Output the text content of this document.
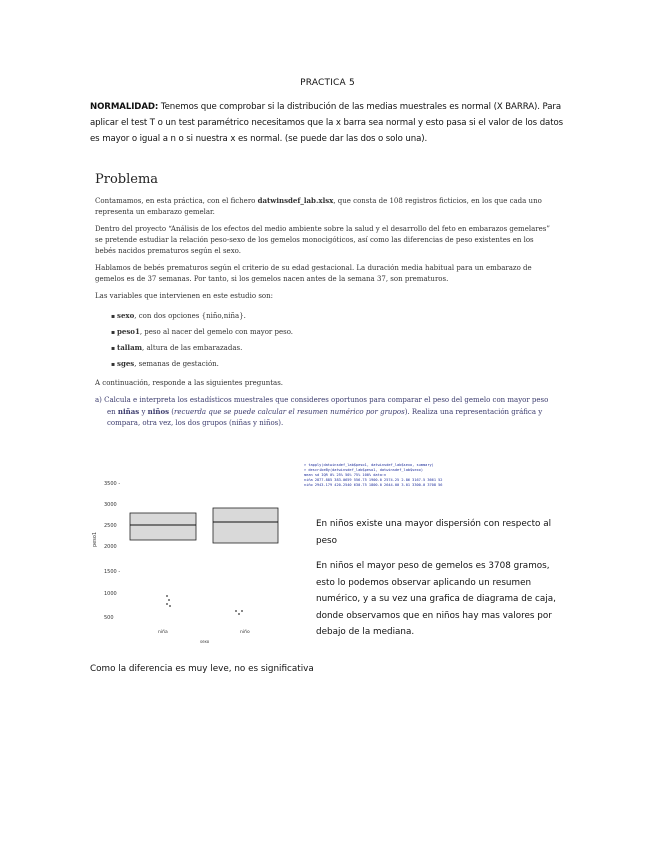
PRACTICA 5
NORMALIDAD: Tenemos que comprobar si la distribución de las medias muestrales es normal (X BARRA). Para aplicar el test T o un test paramétrico necesitamos que la x barra sea normal y esto pasa si el valor de los datos es mayor o igual a n o si nuestra x es normal. (se puede dar las dos o solo una).
Problema

Contamamos, en esta práctica, con el fichero datwinsdef_lab.xlsx, que consta de 108 registros ficticios, en los que cada uno representa un embarazo gemelar.

Dentro del proyecto “Análisis de los efectos del medio ambiente sobre la salud y el desarrollo del feto en embarazos gemelares” se pretende estudiar la relación peso-sexo de los gemelos monocigóticos, así como las diferencias de peso existentes en los bebés nacidos prematuros según el sexo.

Hablamos de bebés prematuros según el criterio de su edad gestacional. La duración media habitual para un embarazo de gemelos es de 37 semanas. Por tanto, si los gemelos nacen antes de la semana 37, son prematuros.

Las variables que intervienen en este estudio son:

• sexo, con dos opciones {niño,niña}.
• peso1, peso al nacer del gemelo con mayor peso.
• tallam, altura de las embarazadas.
• sges, semanas de gestación.

A continuación, responde a las siguientes preguntas.

a) Calcula e interpreta los estadísticos muestrales que consideres oportunos para comparar el peso del gemelo con mayor peso en niñas y niños (recuerda que se puede calcular el resumen numérico por grupos). Realiza una representación gráfica y compara, otra vez, los dos grupos (niñas y niños).

3500 -
3000
2500
2000
1500 -
1000
500
peso1
niña	niño
sexo
> tapply(datwinsdef_lab$peso1, datwinsdef_lab$sexo, summary)
> describeBy(datwinsdef_lab$peso1, datwinsdef_lab$sexo)
mean sd IQR 0% 25% 50% 75% 100% data:n
niña 2877.885 383.0659 556.75 1900.0 2574.25 2.86 3167.5 3661 52
niño 2943.179 420.2540 630.75 1800.0 2644.00 3.01 3300.0 3708 56

En niños existe una mayor dispersión con respecto al peso

En niños el mayor peso de gemelos es 3708 gramos, esto lo podemos observar aplicando un resumen numérico, y a su vez una grafica de diagrama de caja, donde observamos que en niños hay mas valores por debajo de la mediana.

Como la diferencia es muy leve, no es significativa
